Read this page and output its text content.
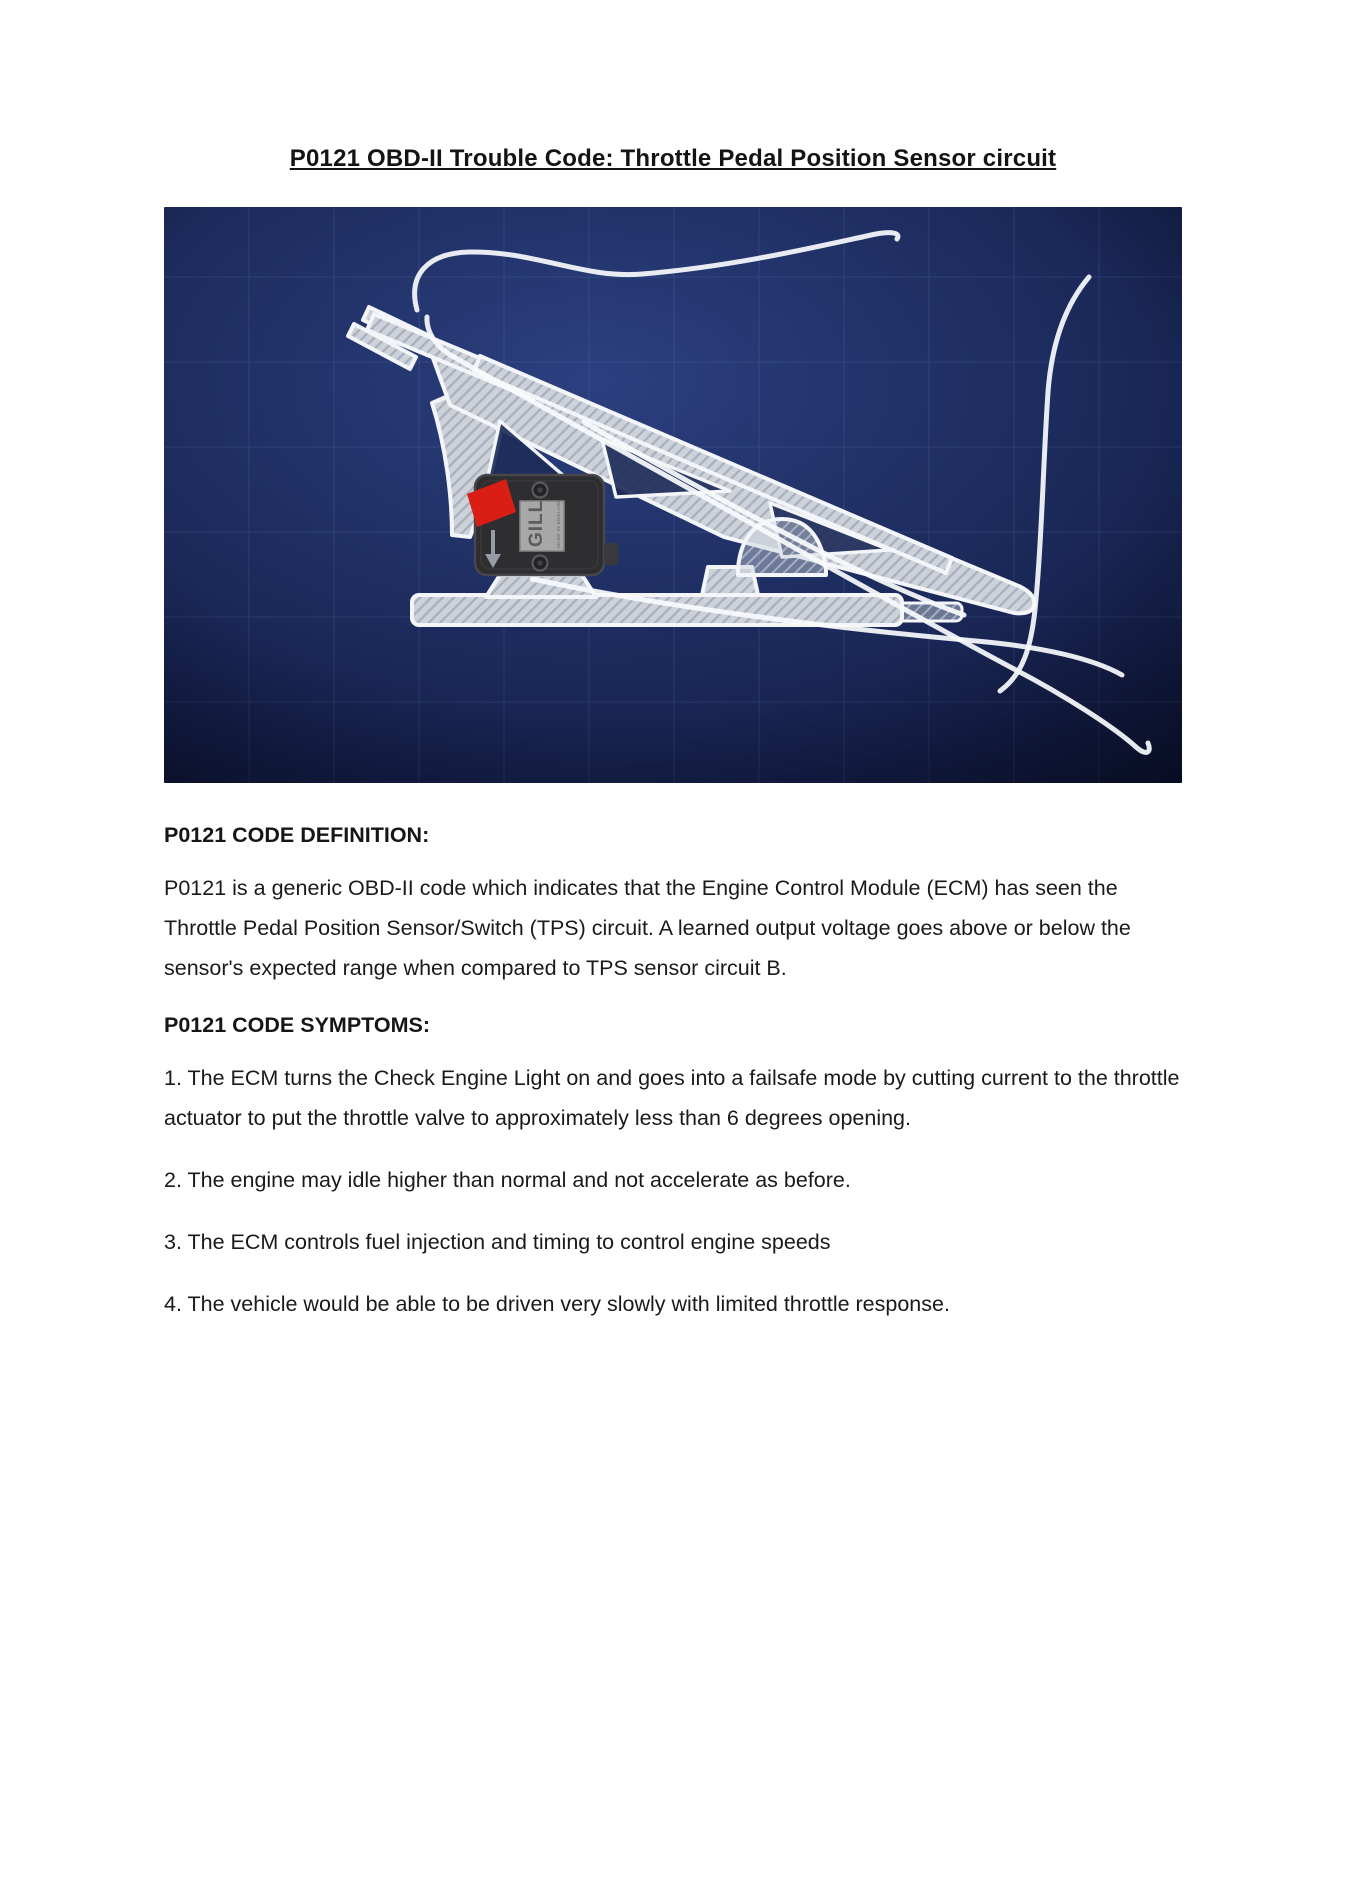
P0121 OBD-II Trouble Code: Throttle Pedal Position Sensor circuit
GILL MADE IN ENGLAND
P0121 CODE DEFINITION:

P0121 is a generic OBD-II code which indicates that the Engine Control Module (ECM) has seen the Throttle Pedal Position Sensor/Switch (TPS) circuit. A learned output voltage goes above or below the sensor's expected range when compared to TPS sensor circuit B.

P0121 CODE SYMPTOMS:

1. The ECM turns the Check Engine Light on and goes into a failsafe mode by cutting current to the throttle actuator to put the throttle valve to approximately less than 6 degrees opening.

2. The engine may idle higher than normal and not accelerate as before.

3. The ECM controls fuel injection and timing to control engine speeds

4. The vehicle would be able to be driven very slowly with limited throttle response.
